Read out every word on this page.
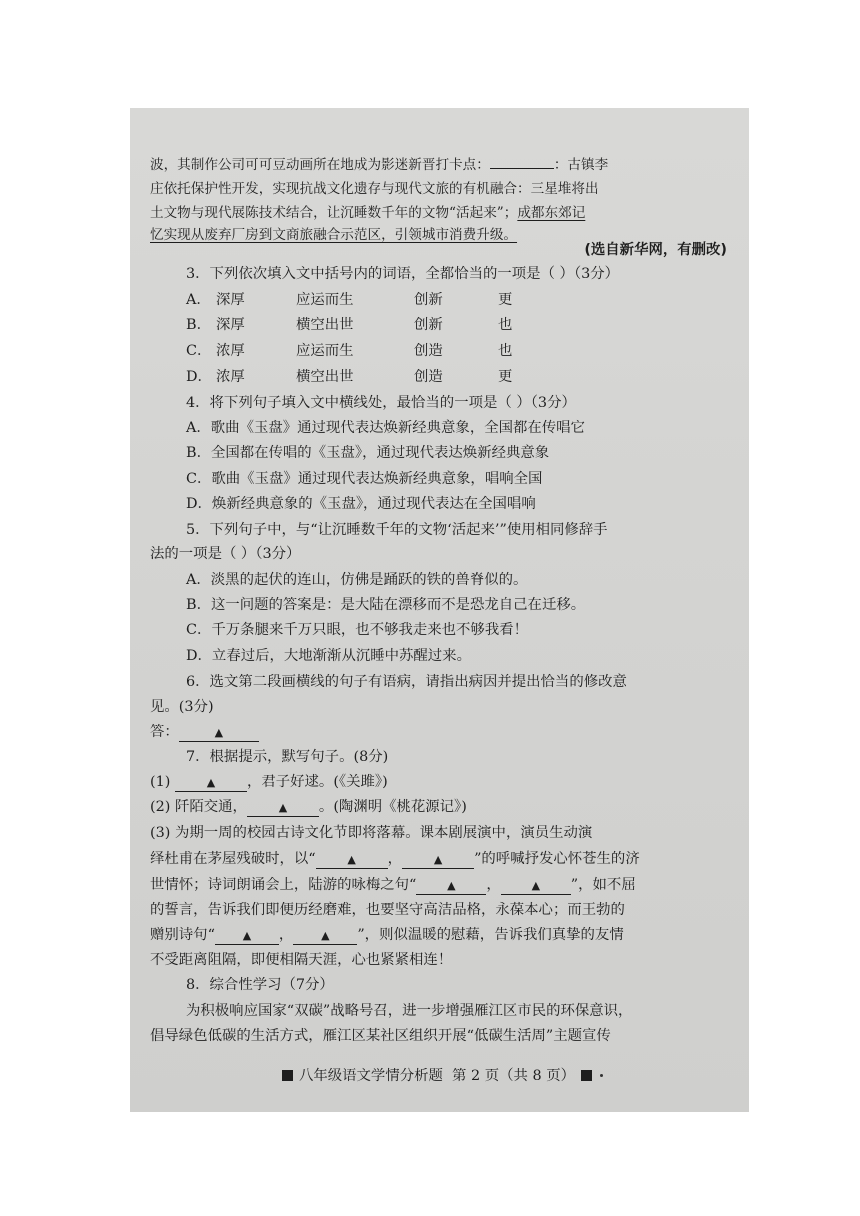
波，其制作公司可可豆动画所在地成为影迷新晋打卡点：	：古镇李
庄依托保护性开发，实现抗战文化遗存与现代文旅的有机融合：三星堆将出
土文物与现代展陈技术结合，让沉睡数千年的文物“活起来”；成都东郊记
忆实现从废弃厂房到文商旅融合示范区，引领城市消费升级。
(选自新华网，有删改)
3．下列依次填入文中括号内的词语，全都恰当的一项是（ ）（3分）
A． 深厚	应运而生	创新	更
B． 深厚	横空出世	创新	也
C． 浓厚	应运而生	创造	也
D． 浓厚	横空出世	创造	更
4．将下列句子填入文中横线处，最恰当的一项是（ ）（3分）
A．歌曲《玉盘》通过现代表达焕新经典意象，全国都在传唱它
B．全国都在传唱的《玉盘》，通过现代表达焕新经典意象
C．歌曲《玉盘》通过现代表达焕新经典意象，唱响全国
D．焕新经典意象的《玉盘》，通过现代表达在全国唱响
5．下列句子中，与“让沉睡数千年的文物‘活起来’”使用相同修辞手
法的一项是（ ）（3分）
A．淡黑的起伏的连山，仿佛是踊跃的铁的兽脊似的。
B．这一问题的答案是：是大陆在漂移而不是恐龙自己在迁移。
C．千万条腿来千万只眼，也不够我走来也不够我看！
D．立春过后，大地渐渐从沉睡中苏醒过来。
6．选文第二段画横线的句子有语病，请指出病因并提出恰当的修改意
见。(3分)
答：	▲
7．根据提示，默写句子。(8分)
(1)	▲ ，君子好逑。(《关雎》)
(2) 阡陌交通，	▲ 。(陶渊明《桃花源记》)
(3) 为期一周的校园古诗文化节即将落幕。课本剧展演中，演员生动演
绎杜甫在茅屋残破时，以“	▲ ，	▲ ”的呼喊抒发心怀苍生的济
世情怀；诗词朗诵会上，陆游的咏梅之句“	▲ ，	▲ ”，如不屈
的誓言，告诉我们即便历经磨难，也要坚守高洁品格，永葆本心；而王勃的
赠别诗句“	▲ ，	▲ ”，则似温暖的慰藉，告诉我们真挚的友情
不受距离阻隔，即便相隔天涯，心也紧紧相连！
8．综合性学习（7分）
为积极响应国家“双碳”战略号召，进一步增强雁江区市民的环保意识，
倡导绿色低碳的生活方式，雁江区某社区组织开展“低碳生活周”主题宣传
八年级语文学情分析题 第 2 页（共 8 页）
